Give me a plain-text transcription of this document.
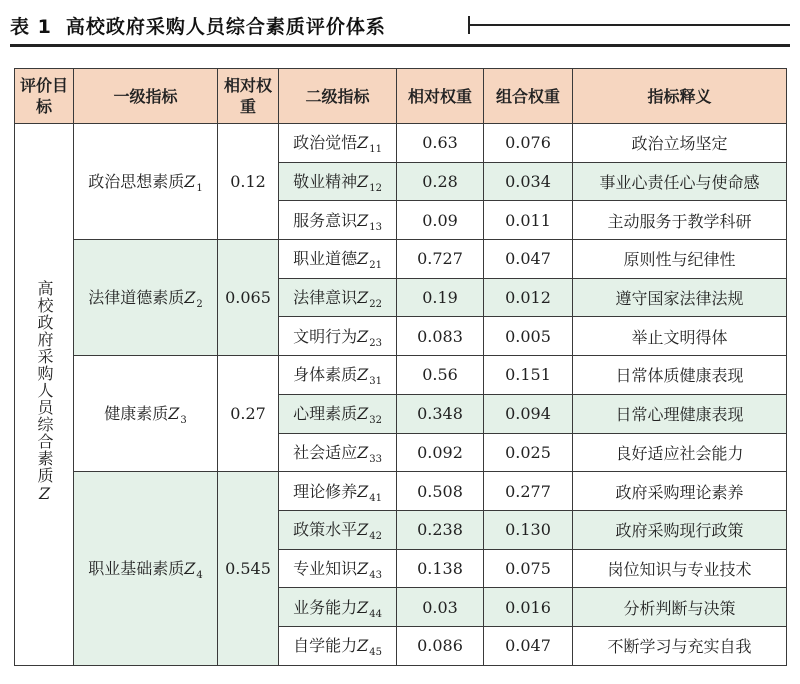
表 1 高校政府采购人员综合素质评价体系
评价目标	一级指标	相对权重	二级指标	相对权重	组合权重	指标释义
高校政府采购人员综合素质Z	政治思想素质$Z_1$	0.12	政治觉悟$Z_{11}$	0.63	0.076	政治立场坚定
			敬业精神$Z_{12}$	0.28	0.034	事业心责任心与使命感
			服务意识$Z_{13}$	0.09	0.011	主动服务于教学科研
	法律道德素质$Z_2$	0.065	职业道德$Z_{21}$	0.727	0.047	原则性与纪律性
			法律意识$Z_{22}$	0.19	0.012	遵守国家法律法规
			文明行为$Z_{23}$	0.083	0.005	举止文明得体
	健康素质$Z_3$	0.27	身体素质$Z_{31}$	0.56	0.151	日常体质健康表现
			心理素质$Z_{32}$	0.348	0.094	日常心理健康表现
			社会适应$Z_{33}$	0.092	0.025	良好适应社会能力
	职业基础素质$Z_4$	0.545	理论修养$Z_{41}$	0.508	0.277	政府采购理论素养
			政策水平$Z_{42}$	0.238	0.130	政府采购现行政策
			专业知识$Z_{43}$	0.138	0.075	岗位知识与专业技术
			业务能力$Z_{44}$	0.03	0.016	分析判断与决策
			自学能力$Z_{45}$	0.086	0.047	不断学习与充实自我
